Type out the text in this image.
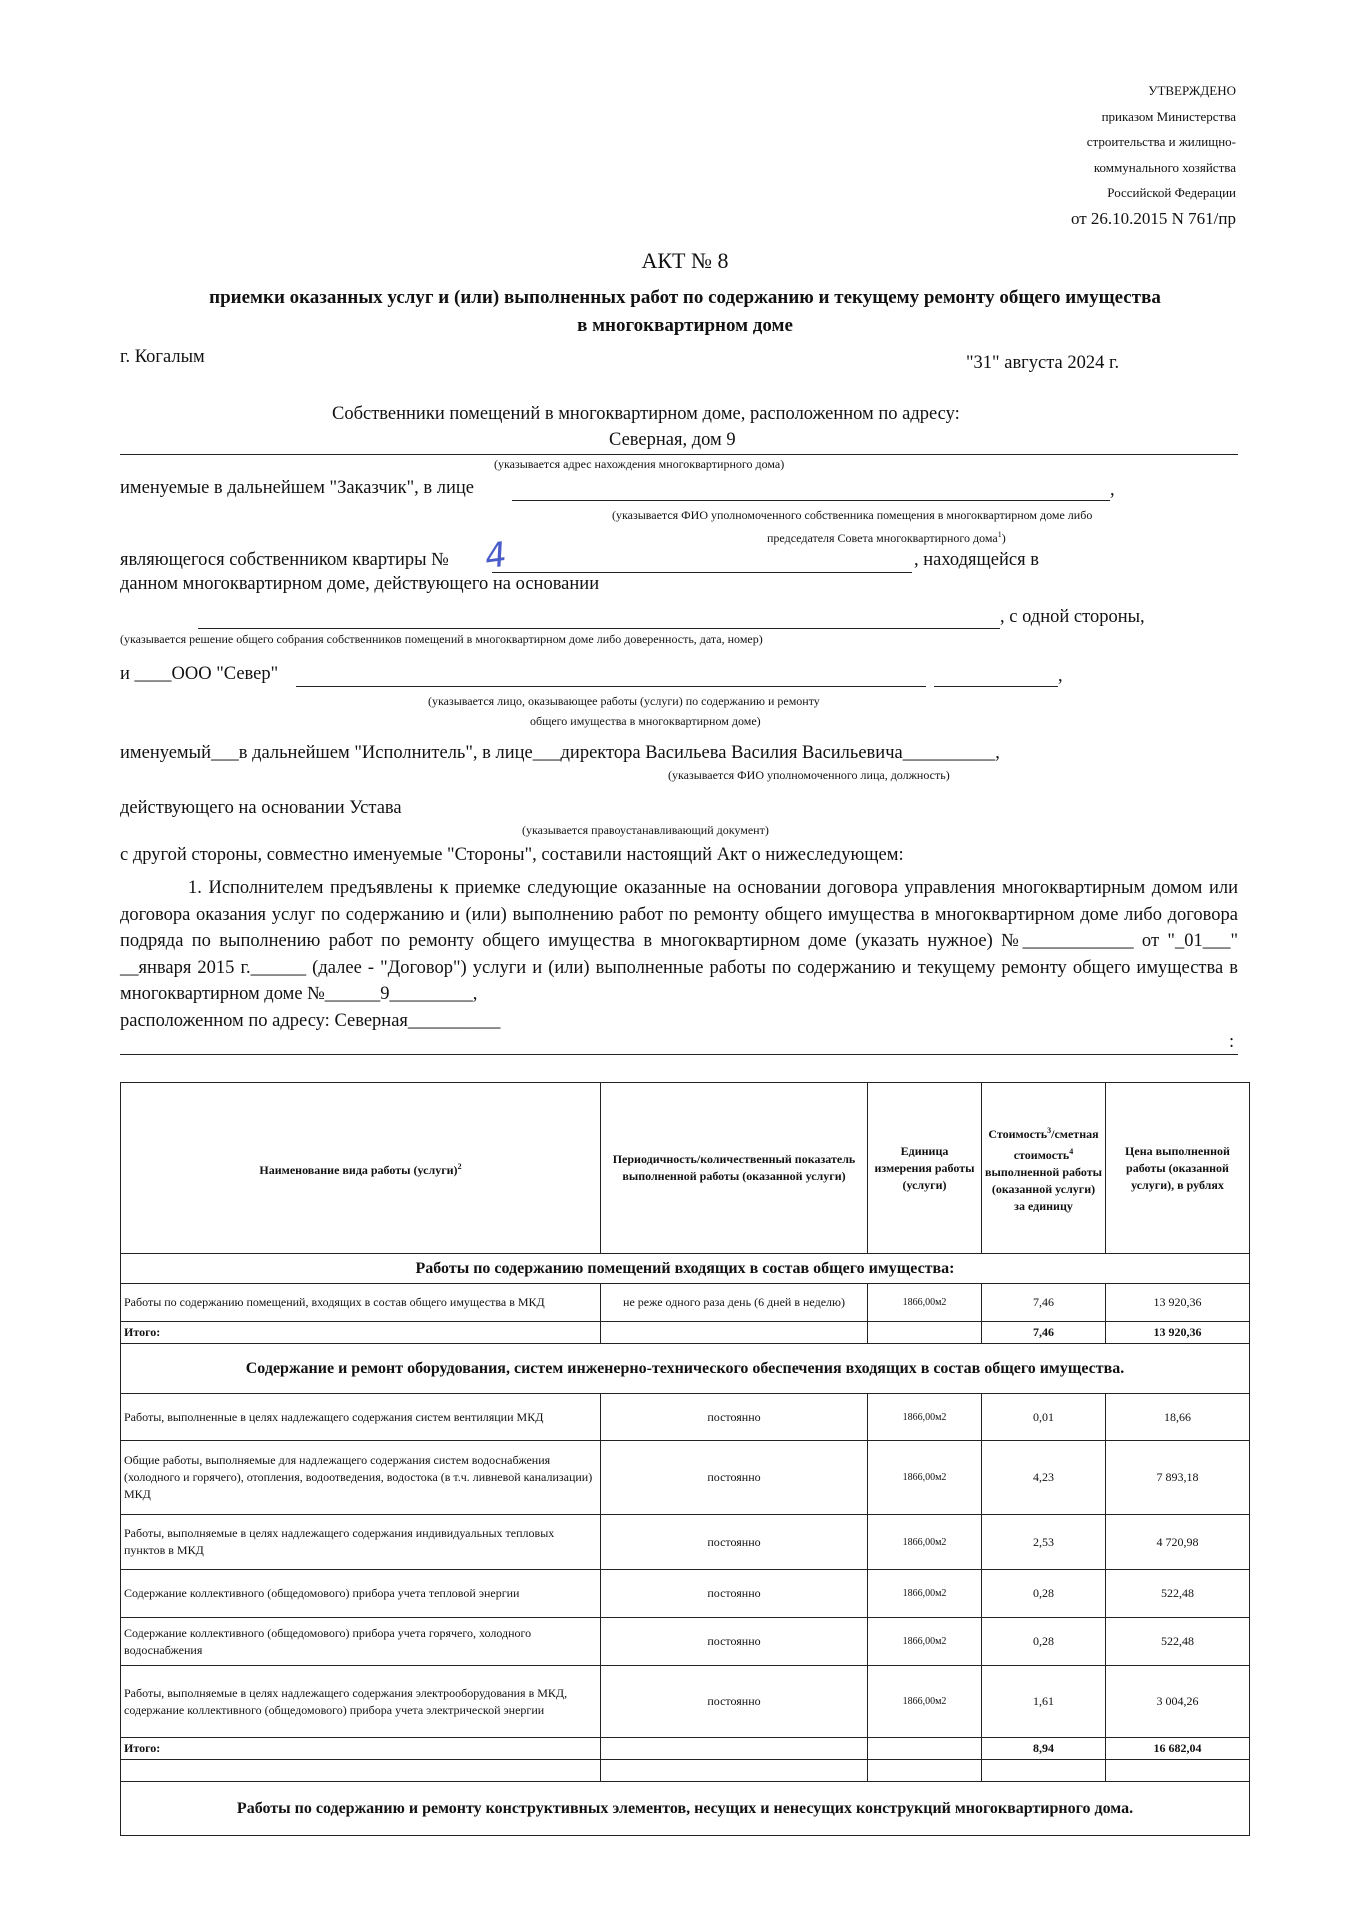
УТВЕРЖДЕНО
приказом Министерства
строительства и жилищно-
коммунального хозяйства
Российской Федерации
от 26.10.2015 N 761/пр
АКТ № 8
приемки оказанных услуг и (или) выполненных работ по содержанию и текущему ремонту общего имущества
в многоквартирном доме
г. Когалым	"31" августа 2024 г.
Собственники помещений в многоквартирном доме, расположенном по адресу:
Северная, дом 9
(указывается адрес нахождения многоквартирного дома)
именуемые в дальнейшем "Заказчик", в лице	,
(указывается ФИО уполномоченного собственника помещения в многоквартирном доме либо
председателя Совета многоквартирного дома$^1$)
являющегося собственником квартиры № 4	, находящейся в
данном многоквартирном доме, действующего на основании
, с одной стороны,
(указывается решение общего собрания собственников помещений в многоквартирном доме либо доверенность, дата, номер)
и ____ООО "Север"	,
(указывается лицо, оказывающее работы (услуги) по содержанию и ремонту
общего имущества в многоквартирном доме)
именуемый___в дальнейшем "Исполнитель", в лице___директора Васильева Василия Васильевича__________,
(указывается ФИО уполномоченного лица, должность)
действующего на основании Устава
(указывается правоустанавливающий документ)
с другой стороны, совместно именуемые "Стороны", составили настоящий Акт о нижеследующем:

1. Исполнителем предъявлены к приемке следующие оказанные на основании договора управления многоквартирным домом или договора оказания услуг по содержанию и (или) выполнению работ по ремонту общего имущества в многоквартирном доме либо договора подряда по выполнению работ по ремонту общего имущества в многоквартирном доме (указать нужное) №____________ от "_01___" __января 2015 г.______ (далее - "Договор") услуги и (или) выполненные работы по содержанию и текущему ремонту общего имущества в многоквартирном доме №______9_________,

расположенном по адресу: Северная__________

:
Наименование вида работы (услуги)$^2$	Периодичность/количественный показатель выполненной работы (оказанной услуги)	Единица измерения работы (услуги)	Стоимость$^3$/сметная стоимость$^4$ выполненной работы (оказанной услуги) за единицу	Цена выполненной работы (оказанной услуги), в рублях
Работы по содержанию помещений входящих в состав общего имущества:				
Работы по содержанию помещений, входящих в состав общего имущества в МКД	не реже одного раза день (6 дней в неделю)	1866,00м2	7,46	13 920,36
Итого:			7,46	13 920,36
Содержание и ремонт оборудования, систем инженерно-технического обеспечения входящих в состав общего имущества.				
Работы, выполненные в целях надлежащего содержания систем вентиляции МКД	постоянно	1866,00м2	0,01	18,66
Общие работы, выполняемые для надлежащего содержания систем водоснабжения (холодного и горячего), отопления, водоотведения, водостока (в т.ч. ливневой канализации) МКД	постоянно	1866,00м2	4,23	7 893,18
Работы, выполняемые в целях надлежащего содержания индивидуальных тепловых пунктов в МКД	постоянно	1866,00м2	2,53	4 720,98
Содержание коллективного (общедомового) прибора учета тепловой энергии	постоянно	1866,00м2	0,28	522,48
Содержание коллективного (общедомового) прибора учета горячего, холодного водоснабжения	постоянно	1866,00м2	0,28	522,48
Работы, выполняемые в целях надлежащего содержания электрооборудования в МКД, содержание коллективного (общедомового) прибора учета электрической энергии	постоянно	1866,00м2	1,61	3 004,26
Итого:			8,94	16 682,04

Работы по содержанию и ремонту конструктивных элементов, несущих и ненесущих конструкций многоквартирного дома.				
